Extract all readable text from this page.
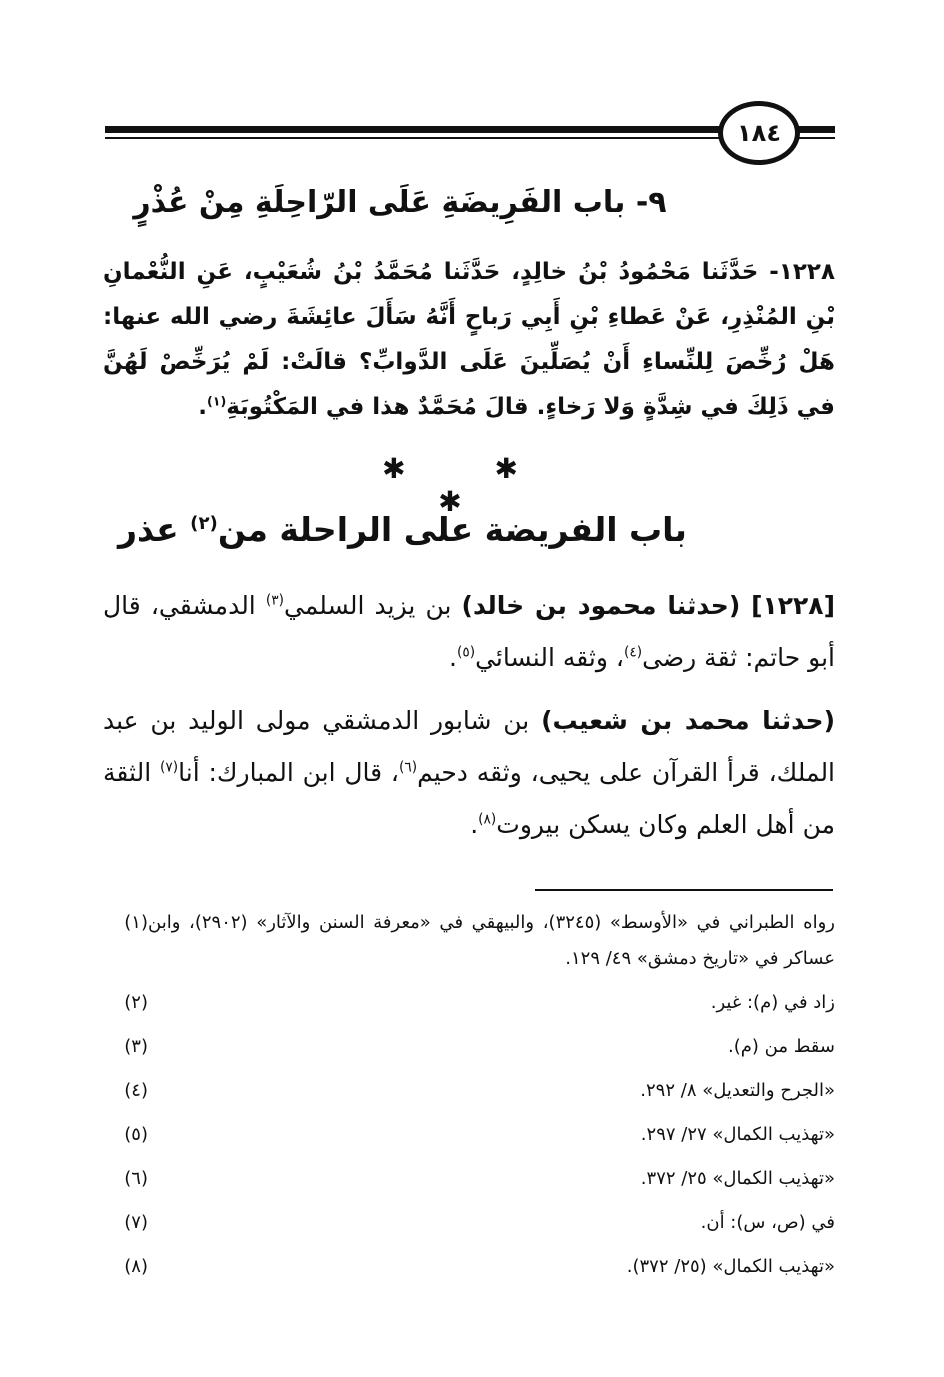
١٨٤
٩- باب الفَرِيضَةِ عَلَى الرّاحِلَةِ مِنْ عُذْرٍ
١٢٢٨- حَدَّثَنا مَحْمُودُ بْنُ خالِدٍ، حَدَّثَنا مُحَمَّدُ بْنُ شُعَيْبٍ، عَنِ النُّعْمانِ بْنِ المُنْذِرِ، عَنْ عَطاءِ بْنِ أَبِي رَباحٍ أَنَّهُ سَأَلَ عائِشَةَ رضي الله عنها: هَلْ رُخِّصَ لِلنِّساءِ أَنْ يُصَلِّينَ عَلَى الدَّوابِّ؟ قالَتْ: لَمْ يُرَخِّصْ لَهُنَّ في ذَلِكَ في شِدَّةٍ وَلا رَخاءٍ. قالَ مُحَمَّدٌ هذا في المَكْتُوبَةِ$^{(١)}$.
✱ ✱ ✱
باب الفريضة على الراحلة من$^{(٢)}$ عذر
[١٢٢٨] (حدثنا محمود بن خالد) بن يزيد السلمي$^{(٣)}$ الدمشقي، قال أبو حاتم: ثقة رضى$^{(٤)}$، وثقه النسائي$^{(٥)}$.
(حدثنا محمد بن شعيب) بن شابور الدمشقي مولى الوليد بن عبد الملك، قرأ القرآن على يحيى، وثقه دحيم$^{(٦)}$، قال ابن المبارك: أنا$^{(٧)}$ الثقة من أهل العلم وكان يسكن بيروت$^{(٨)}$.
(١) رواه الطبراني في «الأوسط» (٣٢٤٥)، والبيهقي في «معرفة السنن والآثار» (٢٩٠٢)، وابن عساكر في «تاريخ دمشق» ٤٩/ ١٢٩.
(٢)	زاد في (م): غير.
(٣)	سقط من (م).
(٤)	«الجرح والتعديل» ٨/ ٢٩٢.
(٥)	«تهذيب الكمال» ٢٧/ ٢٩٧.
(٦)	«تهذيب الكمال» ٢٥/ ٣٧٢.
(٧)	في (ص، س): أن.
(٨)	«تهذيب الكمال» (٢٥/ ٣٧٢).
